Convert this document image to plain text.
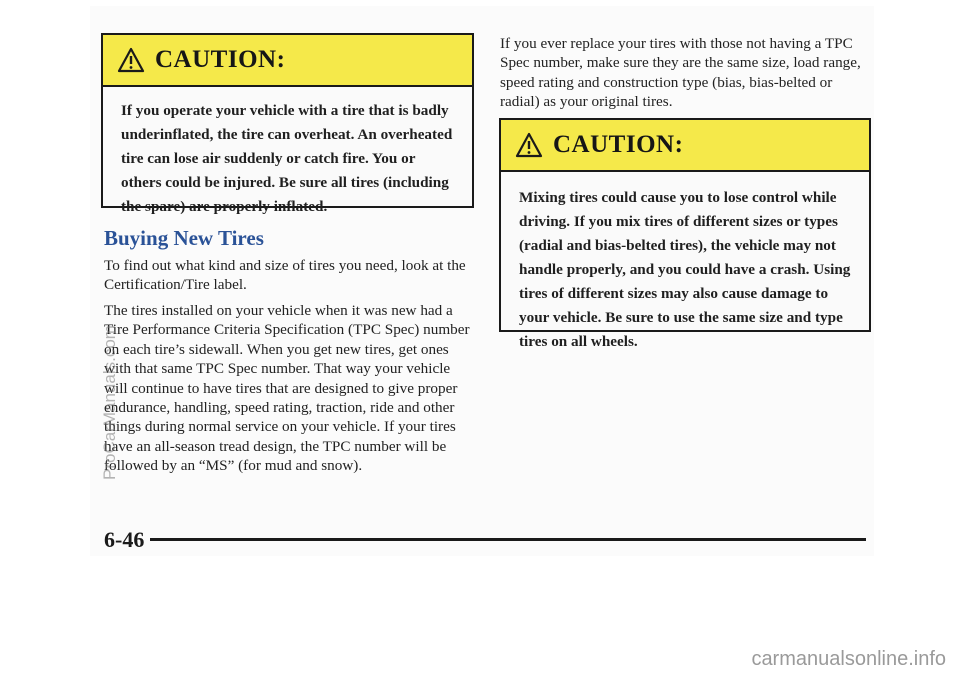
CAUTION:
If you operate your vehicle with a tire that is badly underinflated, the tire can overheat. An overheated tire can lose air suddenly or catch fire. You or others could be injured. Be sure all tires (including the spare) are properly inflated.
Buying New Tires

To find out what kind and size of tires you need, look at the Certification/Tire label.

The tires installed on your vehicle when it was new had a Tire Performance Criteria Specification (TPC Spec) number on each tire’s sidewall. When you get new tires, get ones with that same TPC Spec number. That way your vehicle will continue to have tires that are designed to give proper endurance, handling, speed rating, traction, ride and other things during normal service on your vehicle. If your tires have an all-season tread design, the TPC number will be followed by an “MS” (for mud and snow).

If you ever replace your tires with those not having a TPC Spec number, make sure they are the same size, load range, speed rating and construction type (bias, bias-belted or radial) as your original tires.

CAUTION:
Mixing tires could cause you to lose control while driving. If you mix tires of different sizes or types (radial and bias-belted tires), the vehicle may not handle properly, and you could have a crash. Using tires of different sizes may also cause damage to your vehicle. Be sure to use the same size and type tires on all wheels.
6-46
ProCarManuals.com
carmanualsonline.info
